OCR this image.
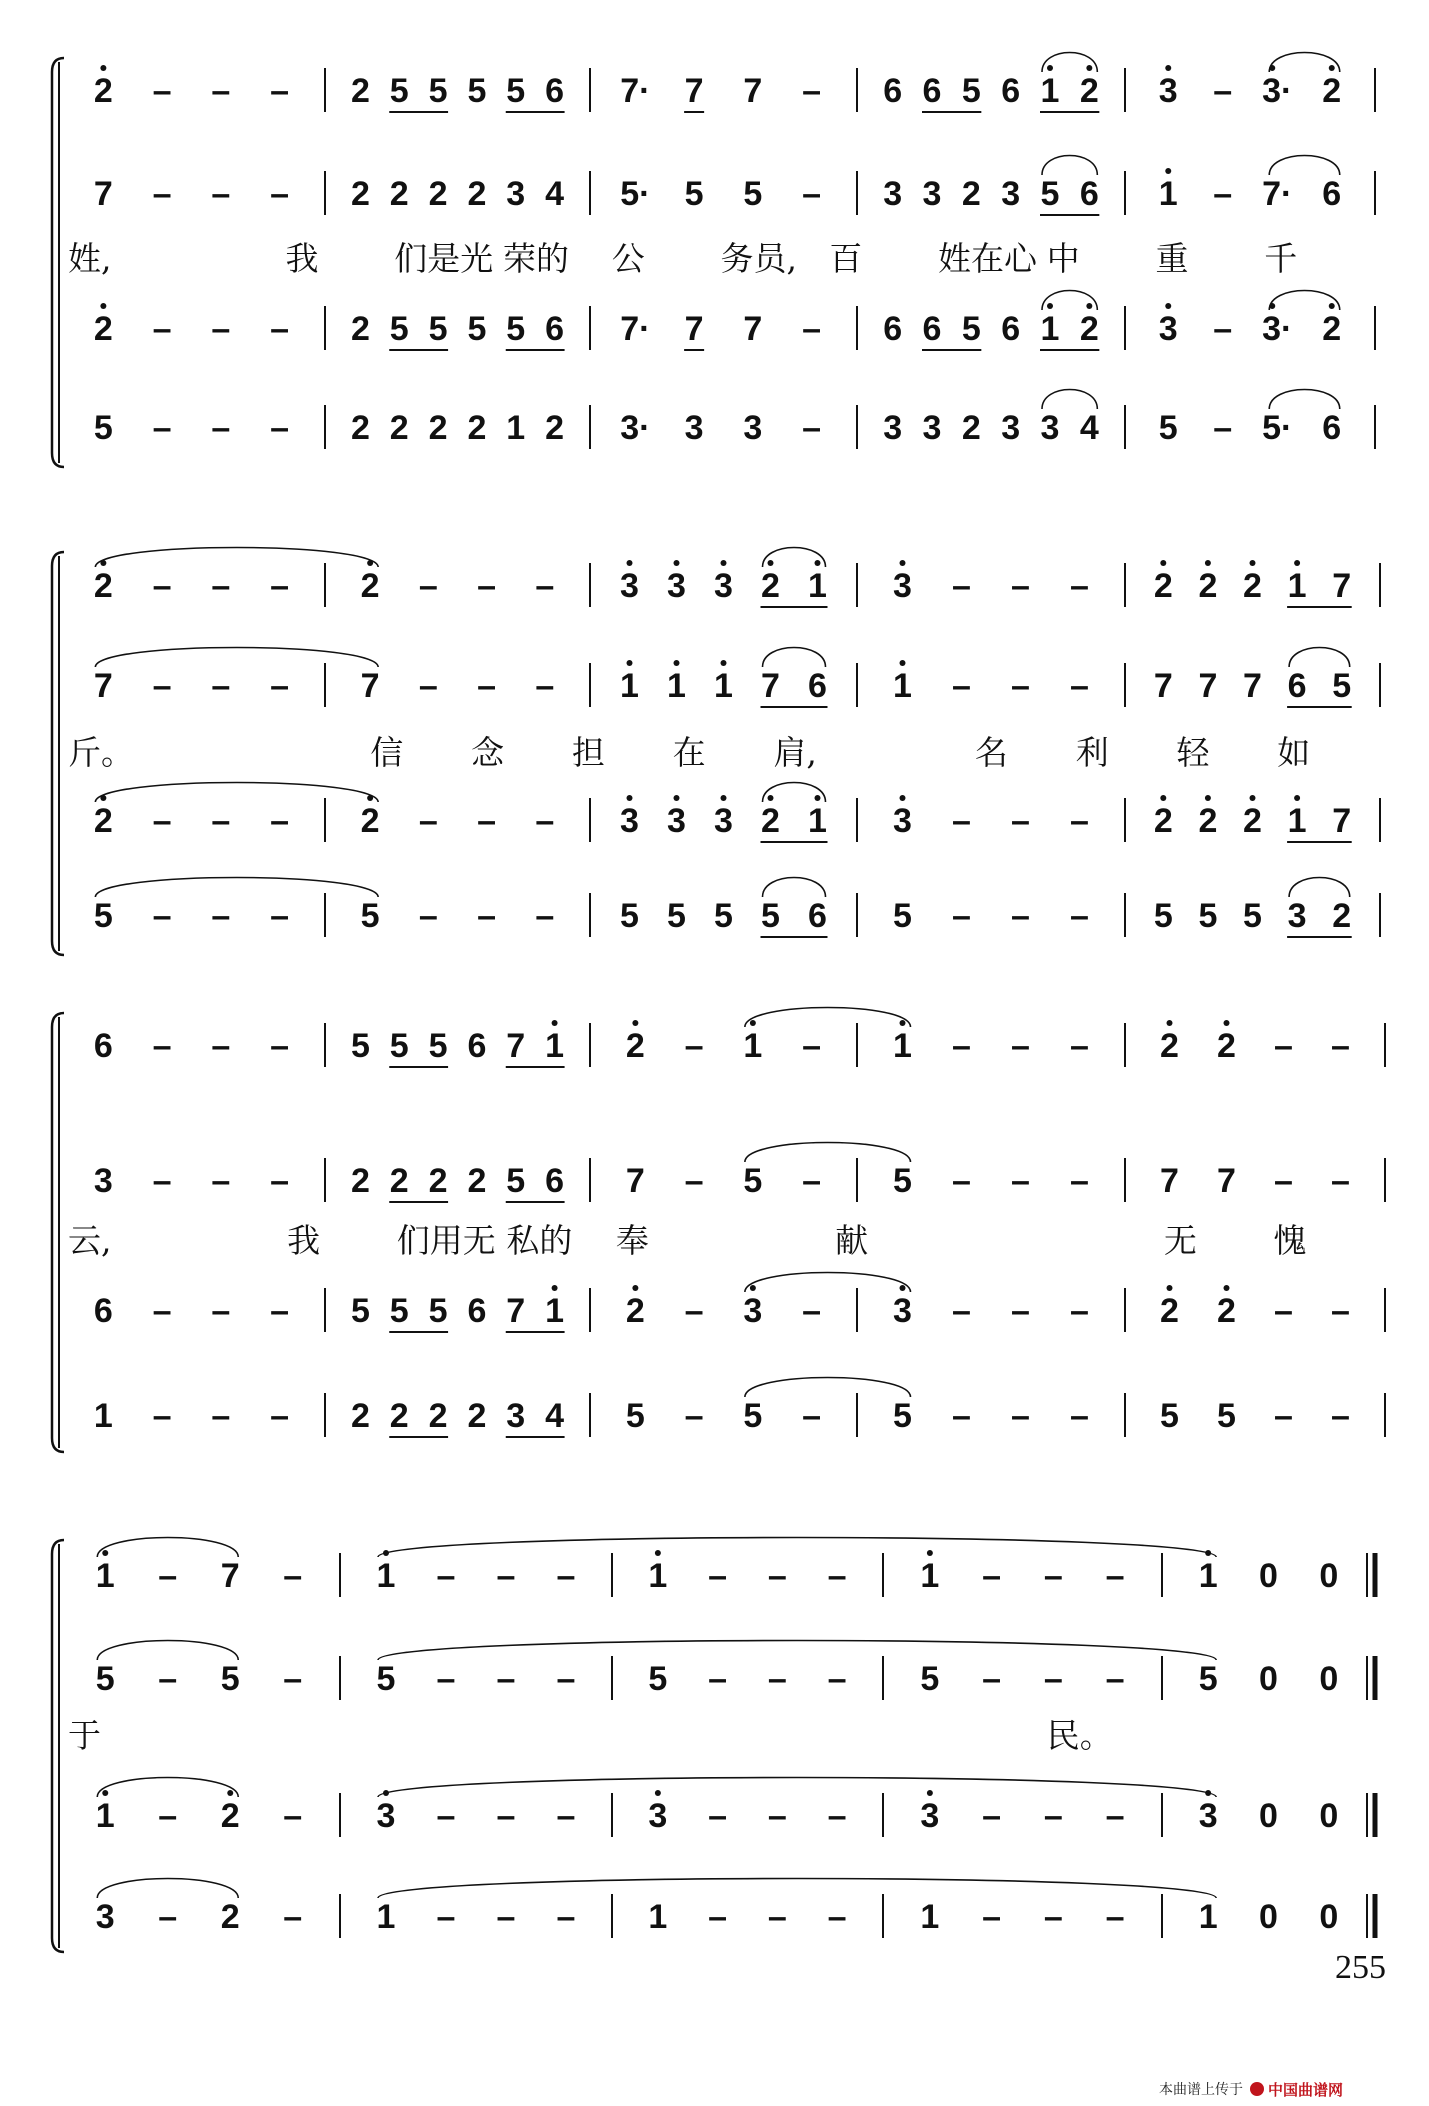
2 – – – 2 5 5 5 5 6 7· 7 7 – 6 6 5 6 1 2 3 – 3· 2
7 – – – 2 2 2 2 3 4 5· 5 5 – 3 3 2 3 5 6 1 – 7· 6
2 – – – 2 5 5 5 5 6 7· 7 7 – 6 6 5 6 1 2 3 – 3· 2
5 – – – 2 2 2 2 1 2 3· 3 3 – 3 3 2 3 3 4 5 – 5· 6
姓,	我 们是光 荣的 公 务员, 百 姓在心 中 重 千
2 – – – 2 – – – 3 3 3 2 1 3 – – – 2 2 2 1 7
7 – – – 7 – – – 1 1 1 7 6 1 – – – 7 7 7 6 5
2 – – – 2 – – – 3 3 3 2 1 3 – – – 2 2 2 1 7
5 – – – 5 – – – 5 5 5 5 6 5 – – – 5 5 5 3 2
斤。	信 念 担 在 肩,	名 利 轻 如
6 – – – 5 5 5 6 7 1 2 – 1 – 1 – – – 2 2 – –
3 – – – 2 2 2 2 5 6 7 – 5 – 5 – – – 7 7 – –
6 – – – 5 5 5 6 7 1 2 – 3 – 3 – – – 2 2 – –
1 – – – 2 2 2 2 3 4 5 – 5 – 5 – – – 5 5 – –
云,	我 们用无 私的 奉	献	无 愧
1 – 7 – 1 – – – 1 – – – 1 – – – 1 0 0
5 – 5 – 5 – – – 5 – – – 5 – – – 5 0 0
1 – 2 – 3 – – – 3 – – – 3 – – – 3 0 0
3 – 2 – 1 – – – 1 – – – 1 – – – 1 0 0
于	民。
255
本曲谱上传于 中国曲谱网
